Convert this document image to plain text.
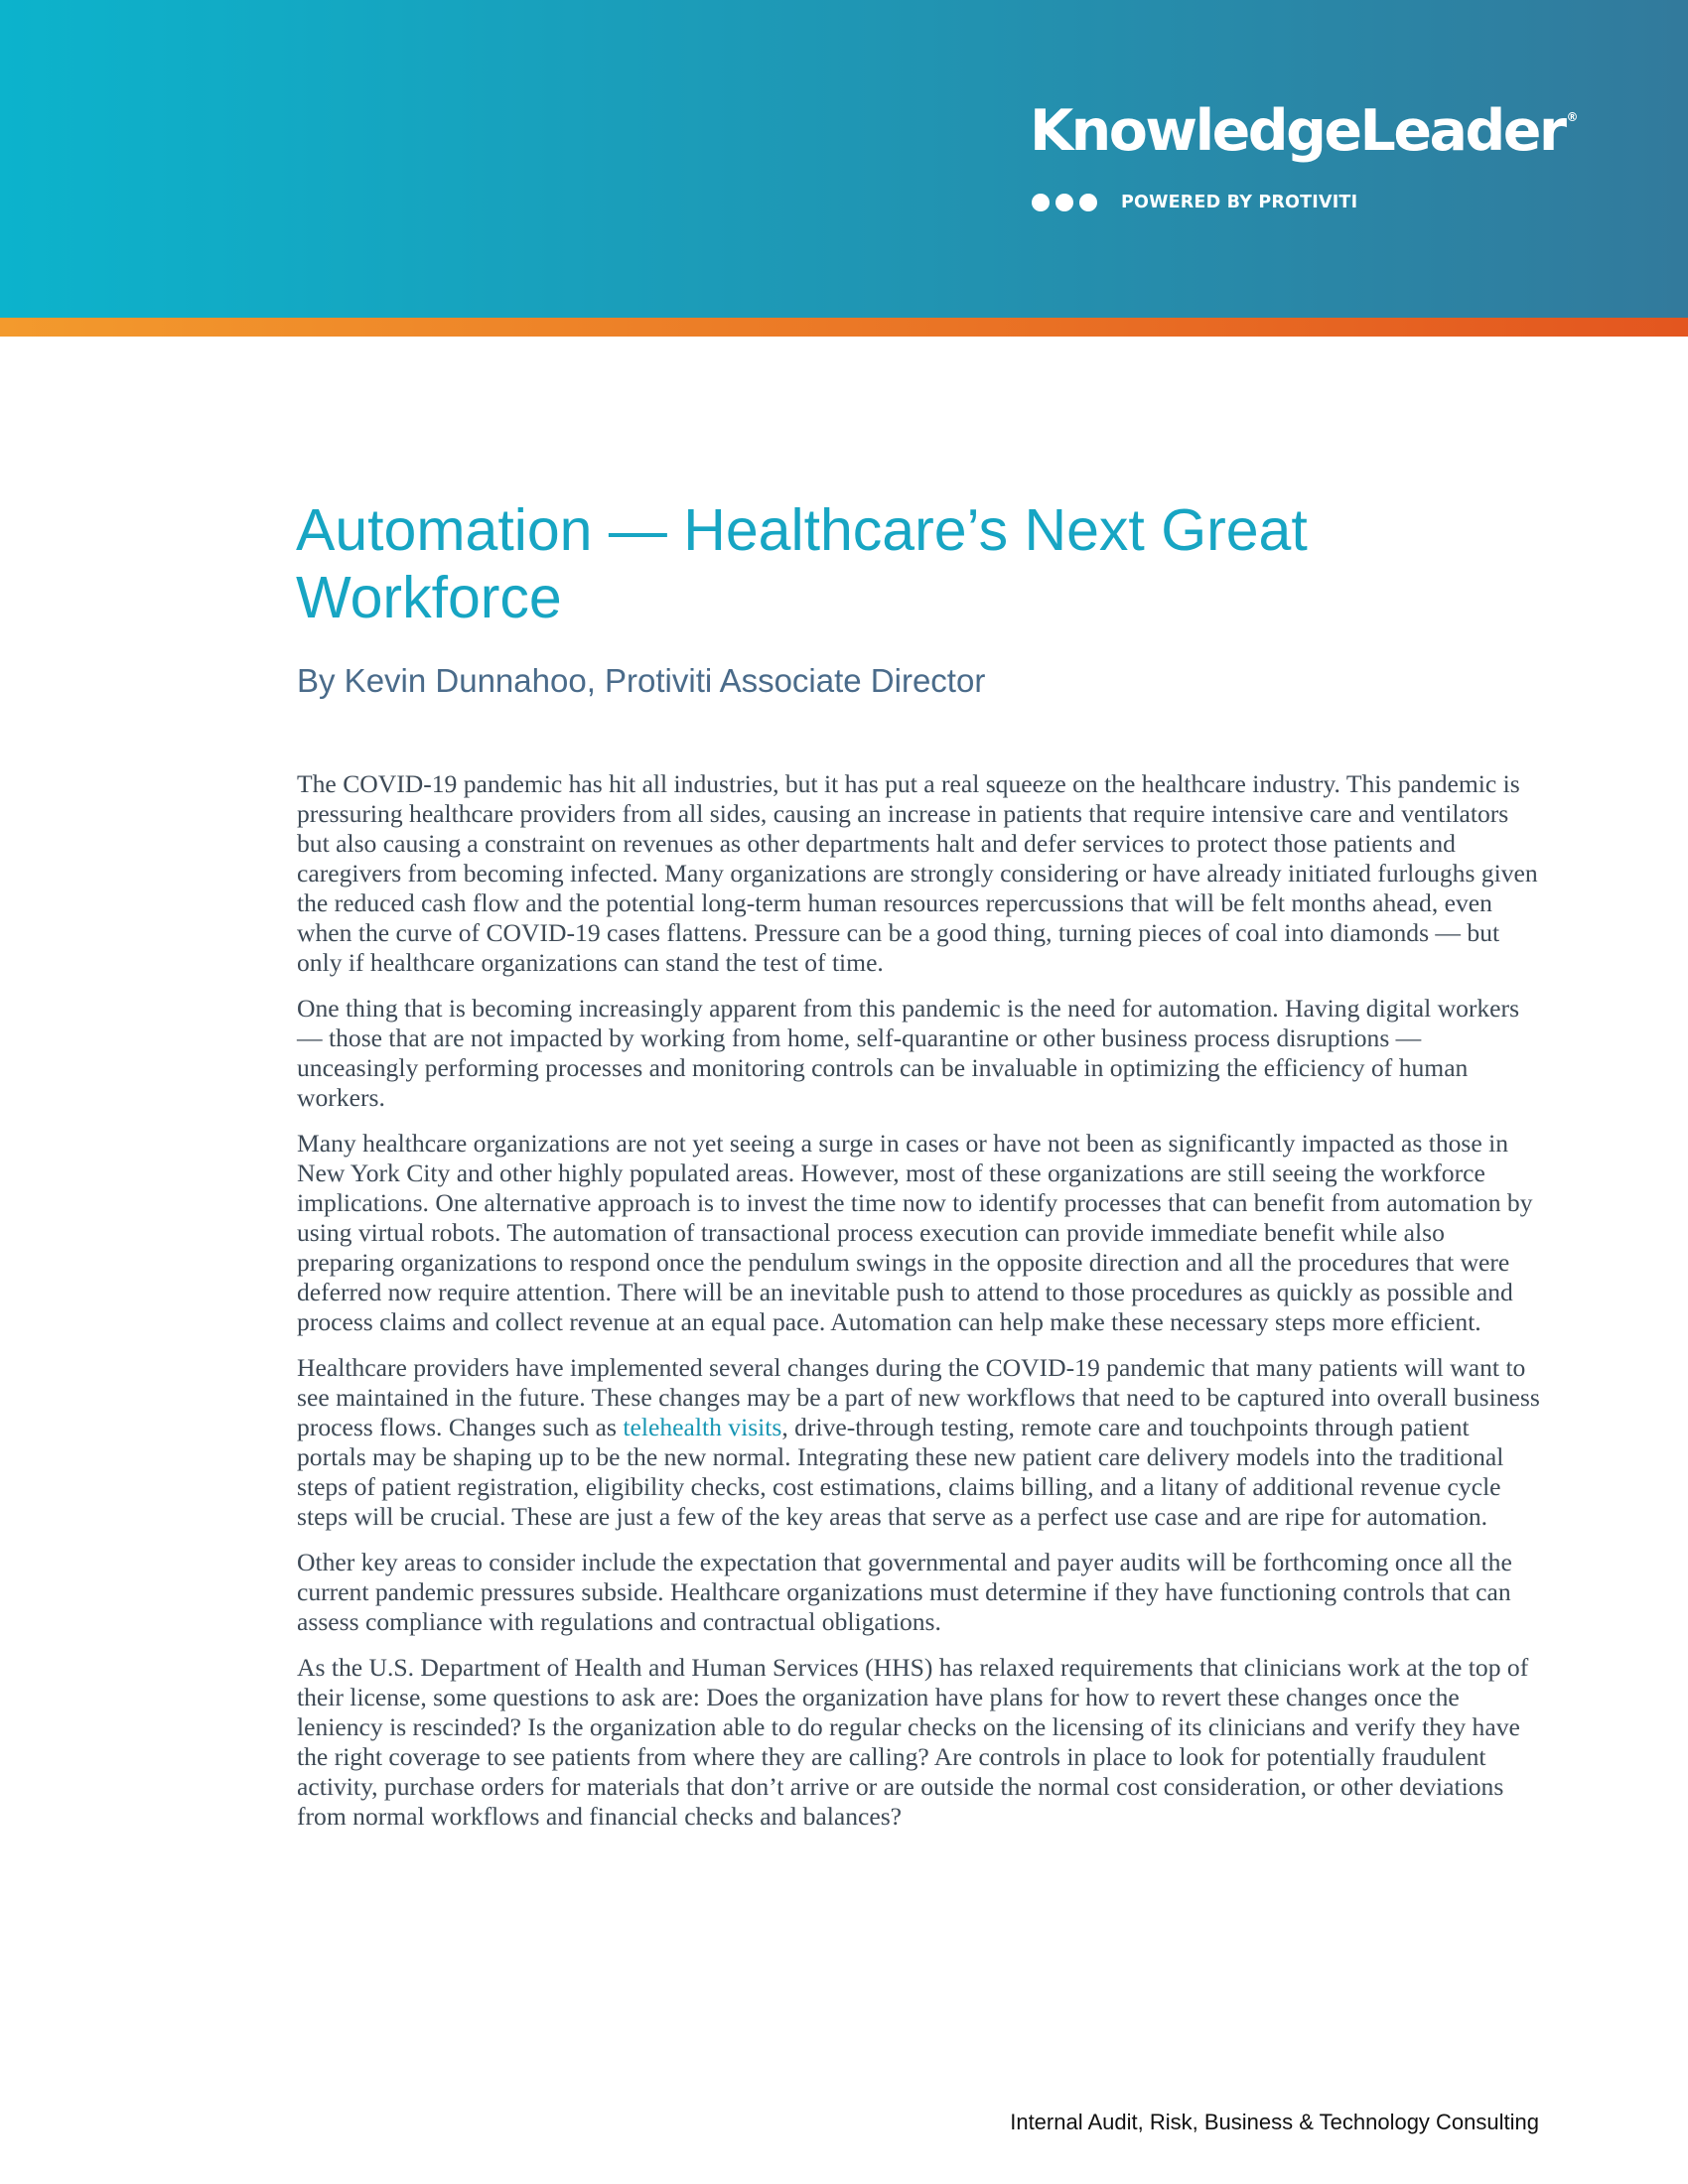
KnowledgeLeader ®
POWERED BY PROTIVITI
Automation — Healthcare’s Next Great Workforce
By Kevin Dunnahoo, Protiviti Associate Director

The COVID-19 pandemic has hit all industries, but it has put a real squeeze on the healthcare industry. This pandemic is pressuring healthcare providers from all sides, causing an increase in patients that require intensive care and ventilators but also causing a constraint on revenues as other departments halt and defer services to protect those patients and caregivers from becoming infected. Many organizations are strongly considering or have already initiated furloughs given the reduced cash flow and the potential long-term human resources repercussions that will be felt months ahead, even when the curve of COVID-19 cases flattens. Pressure can be a good thing, turning pieces of coal into diamonds — but only if healthcare organizations can stand the test of time.

One thing that is becoming increasingly apparent from this pandemic is the need for automation. Having digital workers — those that are not impacted by working from home, self-quarantine or other business process disruptions — unceasingly performing processes and monitoring controls can be invaluable in optimizing the efficiency of human workers.

Many healthcare organizations are not yet seeing a surge in cases or have not been as significantly impacted as those in New York City and other highly populated areas. However, most of these organizations are still seeing the workforce implications. One alternative approach is to invest the time now to identify processes that can benefit from automation by using virtual robots. The automation of transactional process execution can provide immediate benefit while also preparing organizations to respond once the pendulum swings in the opposite direction and all the procedures that were deferred now require attention. There will be an inevitable push to attend to those procedures as quickly as possible and process claims and collect revenue at an equal pace. Automation can help make these necessary steps more efficient.

Healthcare providers have implemented several changes during the COVID-19 pandemic that many patients will want to see maintained in the future. These changes may be a part of new workflows that need to be captured into overall business process flows. Changes such as telehealth visits, drive-through testing, remote care and touchpoints through patient portals may be shaping up to be the new normal. Integrating these new patient care delivery models into the traditional steps of patient registration, eligibility checks, cost estimations, claims billing, and a litany of additional revenue cycle steps will be crucial. These are just a few of the key areas that serve as a perfect use case and are ripe for automation.

Other key areas to consider include the expectation that governmental and payer audits will be forthcoming once all the current pandemic pressures subside. Healthcare organizations must determine if they have functioning controls that can assess compliance with regulations and contractual obligations.

As the U.S. Department of Health and Human Services (HHS) has relaxed requirements that clinicians work at the top of their license, some questions to ask are: Does the organization have plans for how to revert these changes once the leniency is rescinded? Is the organization able to do regular checks on the licensing of its clinicians and verify they have the right coverage to see patients from where they are calling? Are controls in place to look for potentially fraudulent activity, purchase orders for materials that don’t arrive or are outside the normal cost consideration, or other deviations from normal workflows and financial checks and balances?

Internal Audit, Risk, Business & Technology Consulting
